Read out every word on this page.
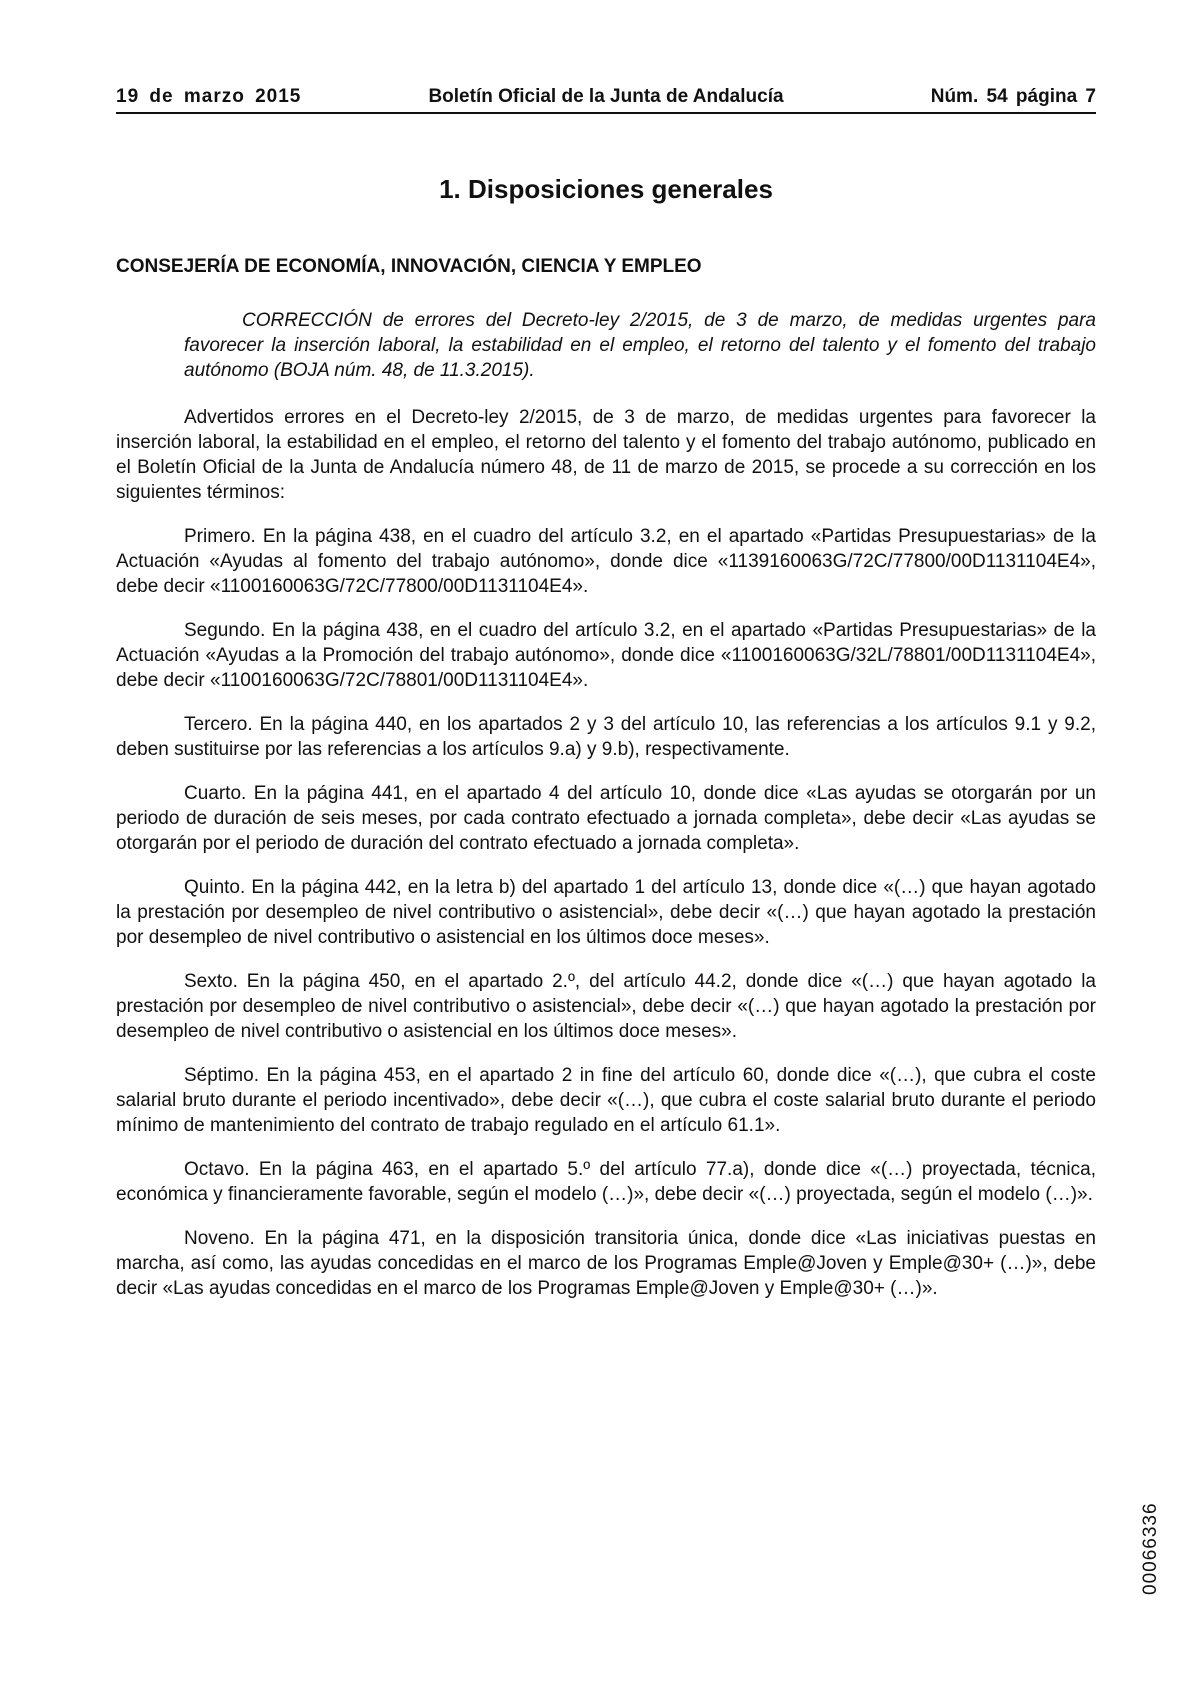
19 de marzo 2015	Boletín Oficial de la Junta de Andalucía	Núm. 54 página 7
1. Disposiciones generales
CONSEJERÍA DE ECONOMÍA, INNOVACIÓN, CIENCIA Y EMPLEO
CORRECCIÓN de errores del Decreto-ley 2/2015, de 3 de marzo, de medidas urgentes para favorecer la inserción laboral, la estabilidad en el empleo, el retorno del talento y el fomento del trabajo autónomo (BOJA núm. 48, de 11.3.2015).

Advertidos errores en el Decreto-ley 2/2015, de 3 de marzo, de medidas urgentes para favorecer la inserción laboral, la estabilidad en el empleo, el retorno del talento y el fomento del trabajo autónomo, publicado en el Boletín Oficial de la Junta de Andalucía número 48, de 11 de marzo de 2015, se procede a su corrección en los siguientes términos:

Primero. En la página 438, en el cuadro del artículo 3.2, en el apartado «Partidas Presupuestarias» de la Actuación «Ayudas al fomento del trabajo autónomo», donde dice «1139160063G/72C/77800/00D1131104E4», debe decir «1100160063G/72C/77800/00D1131104E4».

Segundo. En la página 438, en el cuadro del artículo 3.2, en el apartado «Partidas Presupuestarias» de la Actuación «Ayudas a la Promoción del trabajo autónomo», donde dice «1100160063G/32L/78801/00D1131104E4», debe decir «1100160063G/72C/78801/00D1131104E4».

Tercero. En la página 440, en los apartados 2 y 3 del artículo 10, las referencias a los artículos 9.1 y 9.2, deben sustituirse por las referencias a los artículos 9.a) y 9.b), respectivamente.

Cuarto. En la página 441, en el apartado 4 del artículo 10, donde dice «Las ayudas se otorgarán por un periodo de duración de seis meses, por cada contrato efectuado a jornada completa», debe decir «Las ayudas se otorgarán por el periodo de duración del contrato efectuado a jornada completa».

Quinto. En la página 442, en la letra b) del apartado 1 del artículo 13, donde dice «(…) que hayan agotado la prestación por desempleo de nivel contributivo o asistencial», debe decir «(…) que hayan agotado la prestación por desempleo de nivel contributivo o asistencial en los últimos doce meses».

Sexto. En la página 450, en el apartado 2.º, del artículo 44.2, donde dice «(…) que hayan agotado la prestación por desempleo de nivel contributivo o asistencial», debe decir «(…) que hayan agotado la prestación por desempleo de nivel contributivo o asistencial en los últimos doce meses».

Séptimo. En la página 453, en el apartado 2 in fine del artículo 60, donde dice «(…), que cubra el coste salarial bruto durante el periodo incentivado», debe decir «(…), que cubra el coste salarial bruto durante el periodo mínimo de mantenimiento del contrato de trabajo regulado en el artículo 61.1».

Octavo. En la página 463, en el apartado 5.º del artículo 77.a), donde dice «(…) proyectada, técnica, económica y financieramente favorable, según el modelo (…)», debe decir «(…) proyectada, según el modelo (…)».

Noveno. En la página 471, en la disposición transitoria única, donde dice «Las iniciativas puestas en marcha, así como, las ayudas concedidas en el marco de los Programas Emple@Joven y Emple@30+ (…)», debe decir «Las ayudas concedidas en el marco de los Programas Emple@Joven y Emple@30+ (…)».

00066336
